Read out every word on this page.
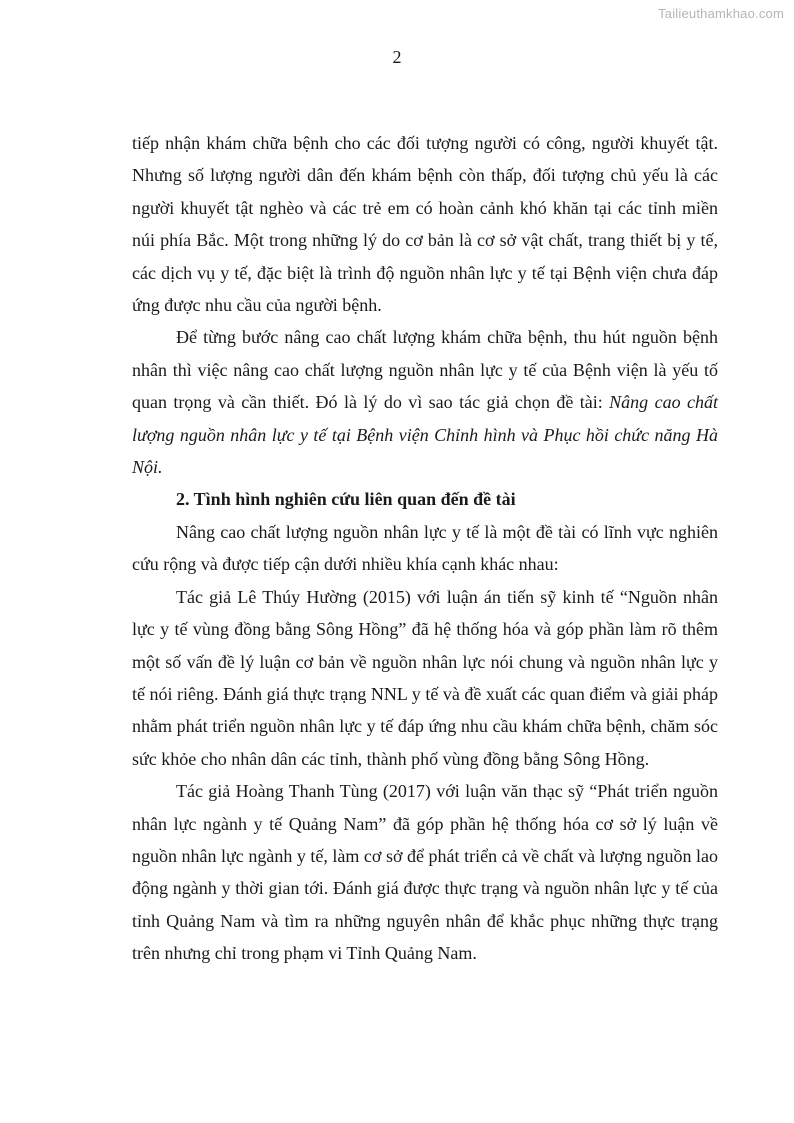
Tailieuthamkhao.com
2

tiếp nhận khám chữa bệnh cho các đối tượng người có công, người khuyết tật. Nhưng số lượng người dân đến khám bệnh còn thấp, đối tượng chủ yếu là các người khuyết tật nghèo và các trẻ em có hoàn cảnh khó khăn tại các tỉnh miền núi phía Bắc. Một trong những lý do cơ bản là cơ sở vật chất, trang thiết bị y tế, các dịch vụ y tế, đặc biệt là trình độ nguồn nhân lực y tế tại Bệnh viện chưa đáp ứng được nhu cầu của người bệnh.

Để từng bước nâng cao chất lượng khám chữa bệnh, thu hút nguồn bệnh nhân thì việc nâng cao chất lượng nguồn nhân lực y tế của Bệnh viện là yếu tố quan trọng và cần thiết. Đó là lý do vì sao tác giả chọn đề tài: Nâng cao chất lượng nguồn nhân lực y tế tại Bệnh viện Chỉnh hình và Phục hồi chức năng Hà Nội.

2. Tình hình nghiên cứu liên quan đến đề tài

Nâng cao chất lượng nguồn nhân lực y tế là một đề tài có lĩnh vực nghiên cứu rộng và được tiếp cận dưới nhiều khía cạnh khác nhau:

Tác giả Lê Thúy Hường (2015) với luận án tiến sỹ kinh tế “Nguồn nhân lực y tế vùng đồng bằng Sông Hồng” đã hệ thống hóa và góp phần làm rõ thêm một số vấn đề lý luận cơ bản về nguồn nhân lực nói chung và nguồn nhân lực y tế nói riêng. Đánh giá thực trạng NNL y tế và đề xuất các quan điểm và giải pháp nhằm phát triển nguồn nhân lực y tế đáp ứng nhu cầu khám chữa bệnh, chăm sóc sức khỏe cho nhân dân các tỉnh, thành phố vùng đồng bằng Sông Hồng.

Tác giả Hoàng Thanh Tùng (2017) với luận văn thạc sỹ “Phát triển nguồn nhân lực ngành y tế Quảng Nam” đã góp phần hệ thống hóa cơ sở lý luận về nguồn nhân lực ngành y tế, làm cơ sở để phát triển cả về chất và lượng nguồn lao động ngành y thời gian tới. Đánh giá được thực trạng và nguồn nhân lực y tế của tỉnh Quảng Nam và tìm ra những nguyên nhân để khắc phục những thực trạng trên nhưng chỉ trong phạm vi Tỉnh Quảng Nam.
